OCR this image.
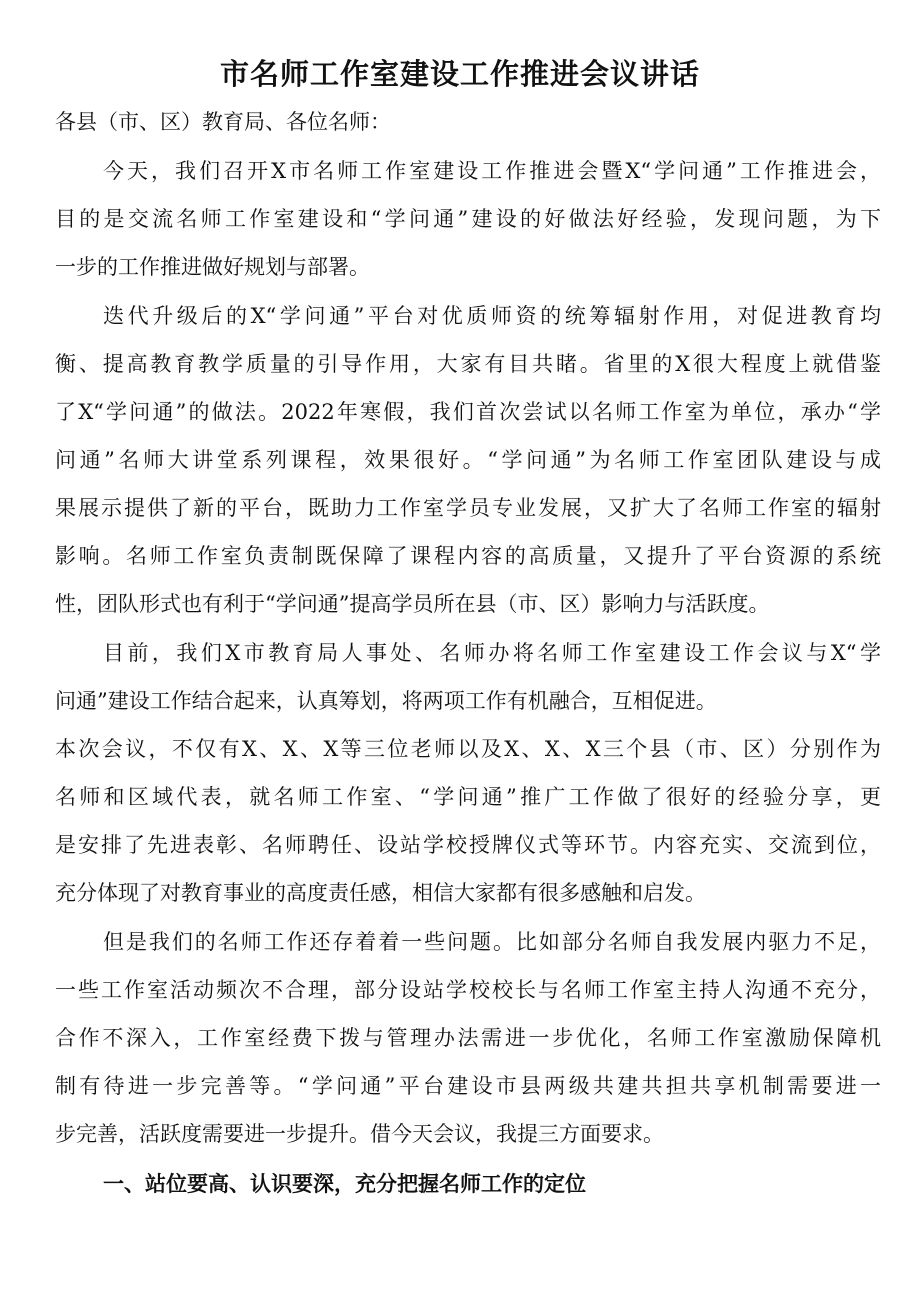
市名师工作室建设工作推进会议讲话
各县（市、区）教育局、各位名师：
今天，我们召开X市名师工作室建设工作推进会暨X“学问通”工作推进会，
目的是交流名师工作室建设和“学问通”建设的好做法好经验，发现问题，为下
一步的工作推进做好规划与部署。
迭代升级后的X“学问通”平台对优质师资的统筹辐射作用，对促进教育均
衡、提高教育教学质量的引导作用，大家有目共睹。省里的X很大程度上就借鉴
了X“学问通”的做法。2022年寒假，我们首次尝试以名师工作室为单位，承办“学
问通”名师大讲堂系列课程，效果很好。“学问通”为名师工作室团队建设与成
果展示提供了新的平台，既助力工作室学员专业发展，又扩大了名师工作室的辐射
影响。名师工作室负责制既保障了课程内容的高质量，又提升了平台资源的系统
性，团队形式也有利于“学问通”提高学员所在县（市、区）影响力与活跃度。
目前，我们X市教育局人事处、名师办将名师工作室建设工作会议与X“学
问通”建设工作结合起来，认真筹划，将两项工作有机融合，互相促进。
本次会议，不仅有X、X、X等三位老师以及X、X、X三个县（市、区）分别作为
名师和区域代表，就名师工作室、“学问通”推广工作做了很好的经验分享，更
是安排了先进表彰、名师聘任、设站学校授牌仪式等环节。内容充实、交流到位，
充分体现了对教育事业的高度责任感，相信大家都有很多感触和启发。
但是我们的名师工作还存着着一些问题。比如部分名师自我发展内驱力不足，
一些工作室活动频次不合理，部分设站学校校长与名师工作室主持人沟通不充分，
合作不深入，工作室经费下拨与管理办法需进一步优化，名师工作室激励保障机
制有待进一步完善等。“学问通”平台建设市县两级共建共担共享机制需要进一
步完善，活跃度需要进一步提升。借今天会议，我提三方面要求。
一、站位要高、认识要深，充分把握名师工作的定位
